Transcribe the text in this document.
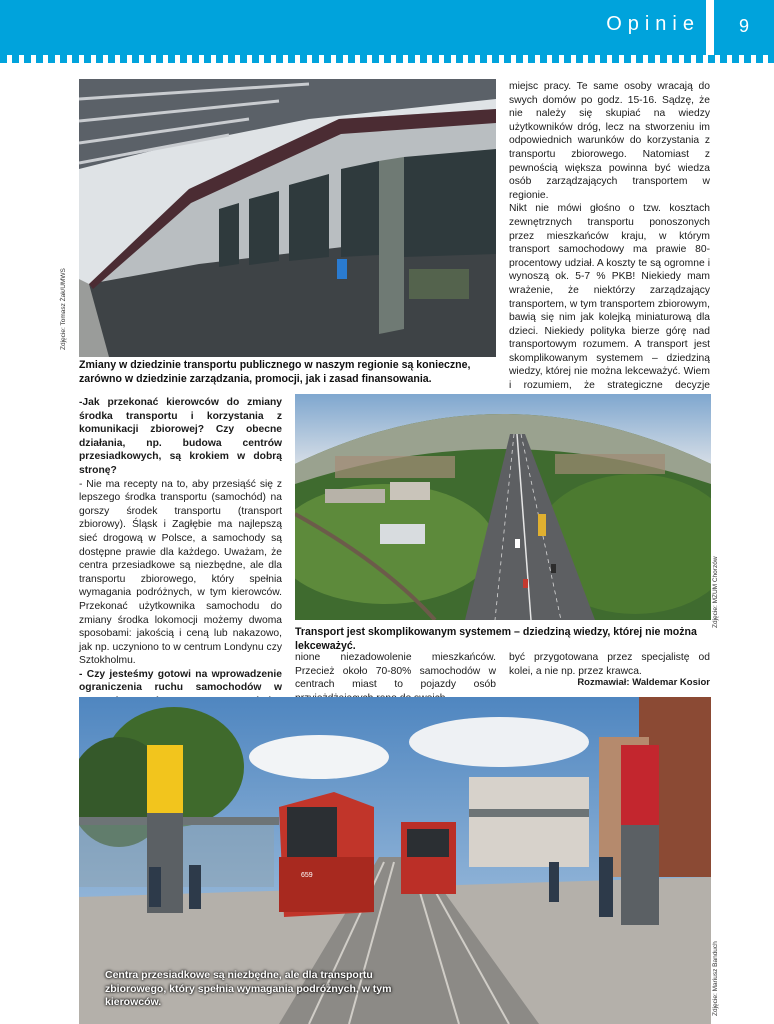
Opinie	9
Zdjęcie: Tomasz Żak/UMWS
Zmiany w dziedzinie transportu publicznego w naszym regionie są konieczne, zarówno w dziedzinie zarządzania, promocji, jak i zasad finansowania.

miejsc pracy. Te same osoby wracają do swych domów po godz. 15-16. Sądzę, że nie należy się skupiać na wiedzy użytkowników dróg, lecz na stworzeniu im odpowiednich warunków do korzystania z transportu zbiorowego. Natomiast z pewnością większa powinna być wiedza osób zarządzających transportem w regionie.

Nikt nie mówi głośno o tzw. kosztach zewnętrznych transportu ponoszonych przez mieszkańców kraju, w którym transport samochodowy ma prawie 80-procentowy udział. A koszty te są ogromne i wynoszą ok. 5-7 % PKB! Niekiedy mam wrażenie, że niektórzy zarządzający transportem, w tym transportem zbiorowym, bawią się nim jak kolejką miniaturową dla dzieci. Niekiedy polityka bierze górę nad transportowym rozumem. A transport jest skomplikowanym systemem – dziedziną wiedzy, której nie można lekceważyć. Wiem i rozumiem, że strategiczne decyzje

-Jak przekonać kierowców do zmiany środka transportu i korzystania z komunikacji zbiorowej? Czy obecne działania, np. budowa centrów przesiadkowych, są krokiem w dobrą stronę?

- Nie ma recepty na to, aby przesiąść się z lepszego środka transportu (samochód) na gorszy środek transportu (transport zbiorowy). Śląsk i Zagłębie ma najlepszą sieć drogową w Polsce, a samochody są dostępne prawie dla każdego. Uważam, że centra przesiadkowe są niezbędne, ale dla transportu zbiorowego, który spełnia wymagania podróżnych, w tym kierowców. Przekonać użytkownika samochodu do zmiany środka lokomocji możemy dwoma sposobami: jakością i ceną lub nakazowo, jak np. uczyniono to w centrum Londynu czy Sztokholmu.

- Czy jesteśmy gotowi na wprowadzenie ograniczenia ruchu samochodów w

Zdjęcie: MZUM Chorzów
Transport jest skomplikowanym systemem – dziedziną wiedzy, której nie można lekceważyć.

nione niezadowolenie mieszkańców. Przecież około 70-80% samochodów w centrach miast to pojazdy osób

być przygotowana przez specjalistę od kolei, a nie np. przez krawca.

Rozmawiał: Waldemar Kosior
659
Centra przesiadkowe są niezbędne, ale dla transportu zbiorowego, który spełnia wymagania podróżnych, w tym kierowców.	Zdjęcie: Mariusz Banduch
